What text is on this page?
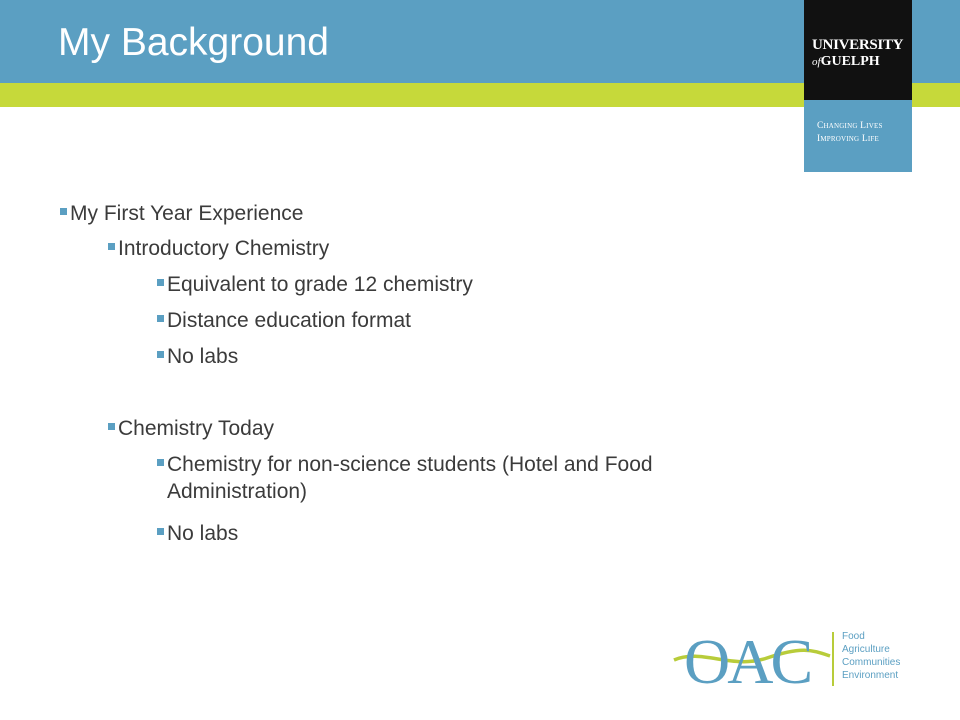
My Background	UNIVERSITY
ofGUELPH
Changing Lives
Improving Life
My First Year Experience
Introductory Chemistry
Equivalent to grade 12 chemistry
Distance education format
No labs
Chemistry Today
Chemistry for non-science students (Hotel and Food Administration)
No labs
OAC	Food
Agriculture
Communities
Environment
